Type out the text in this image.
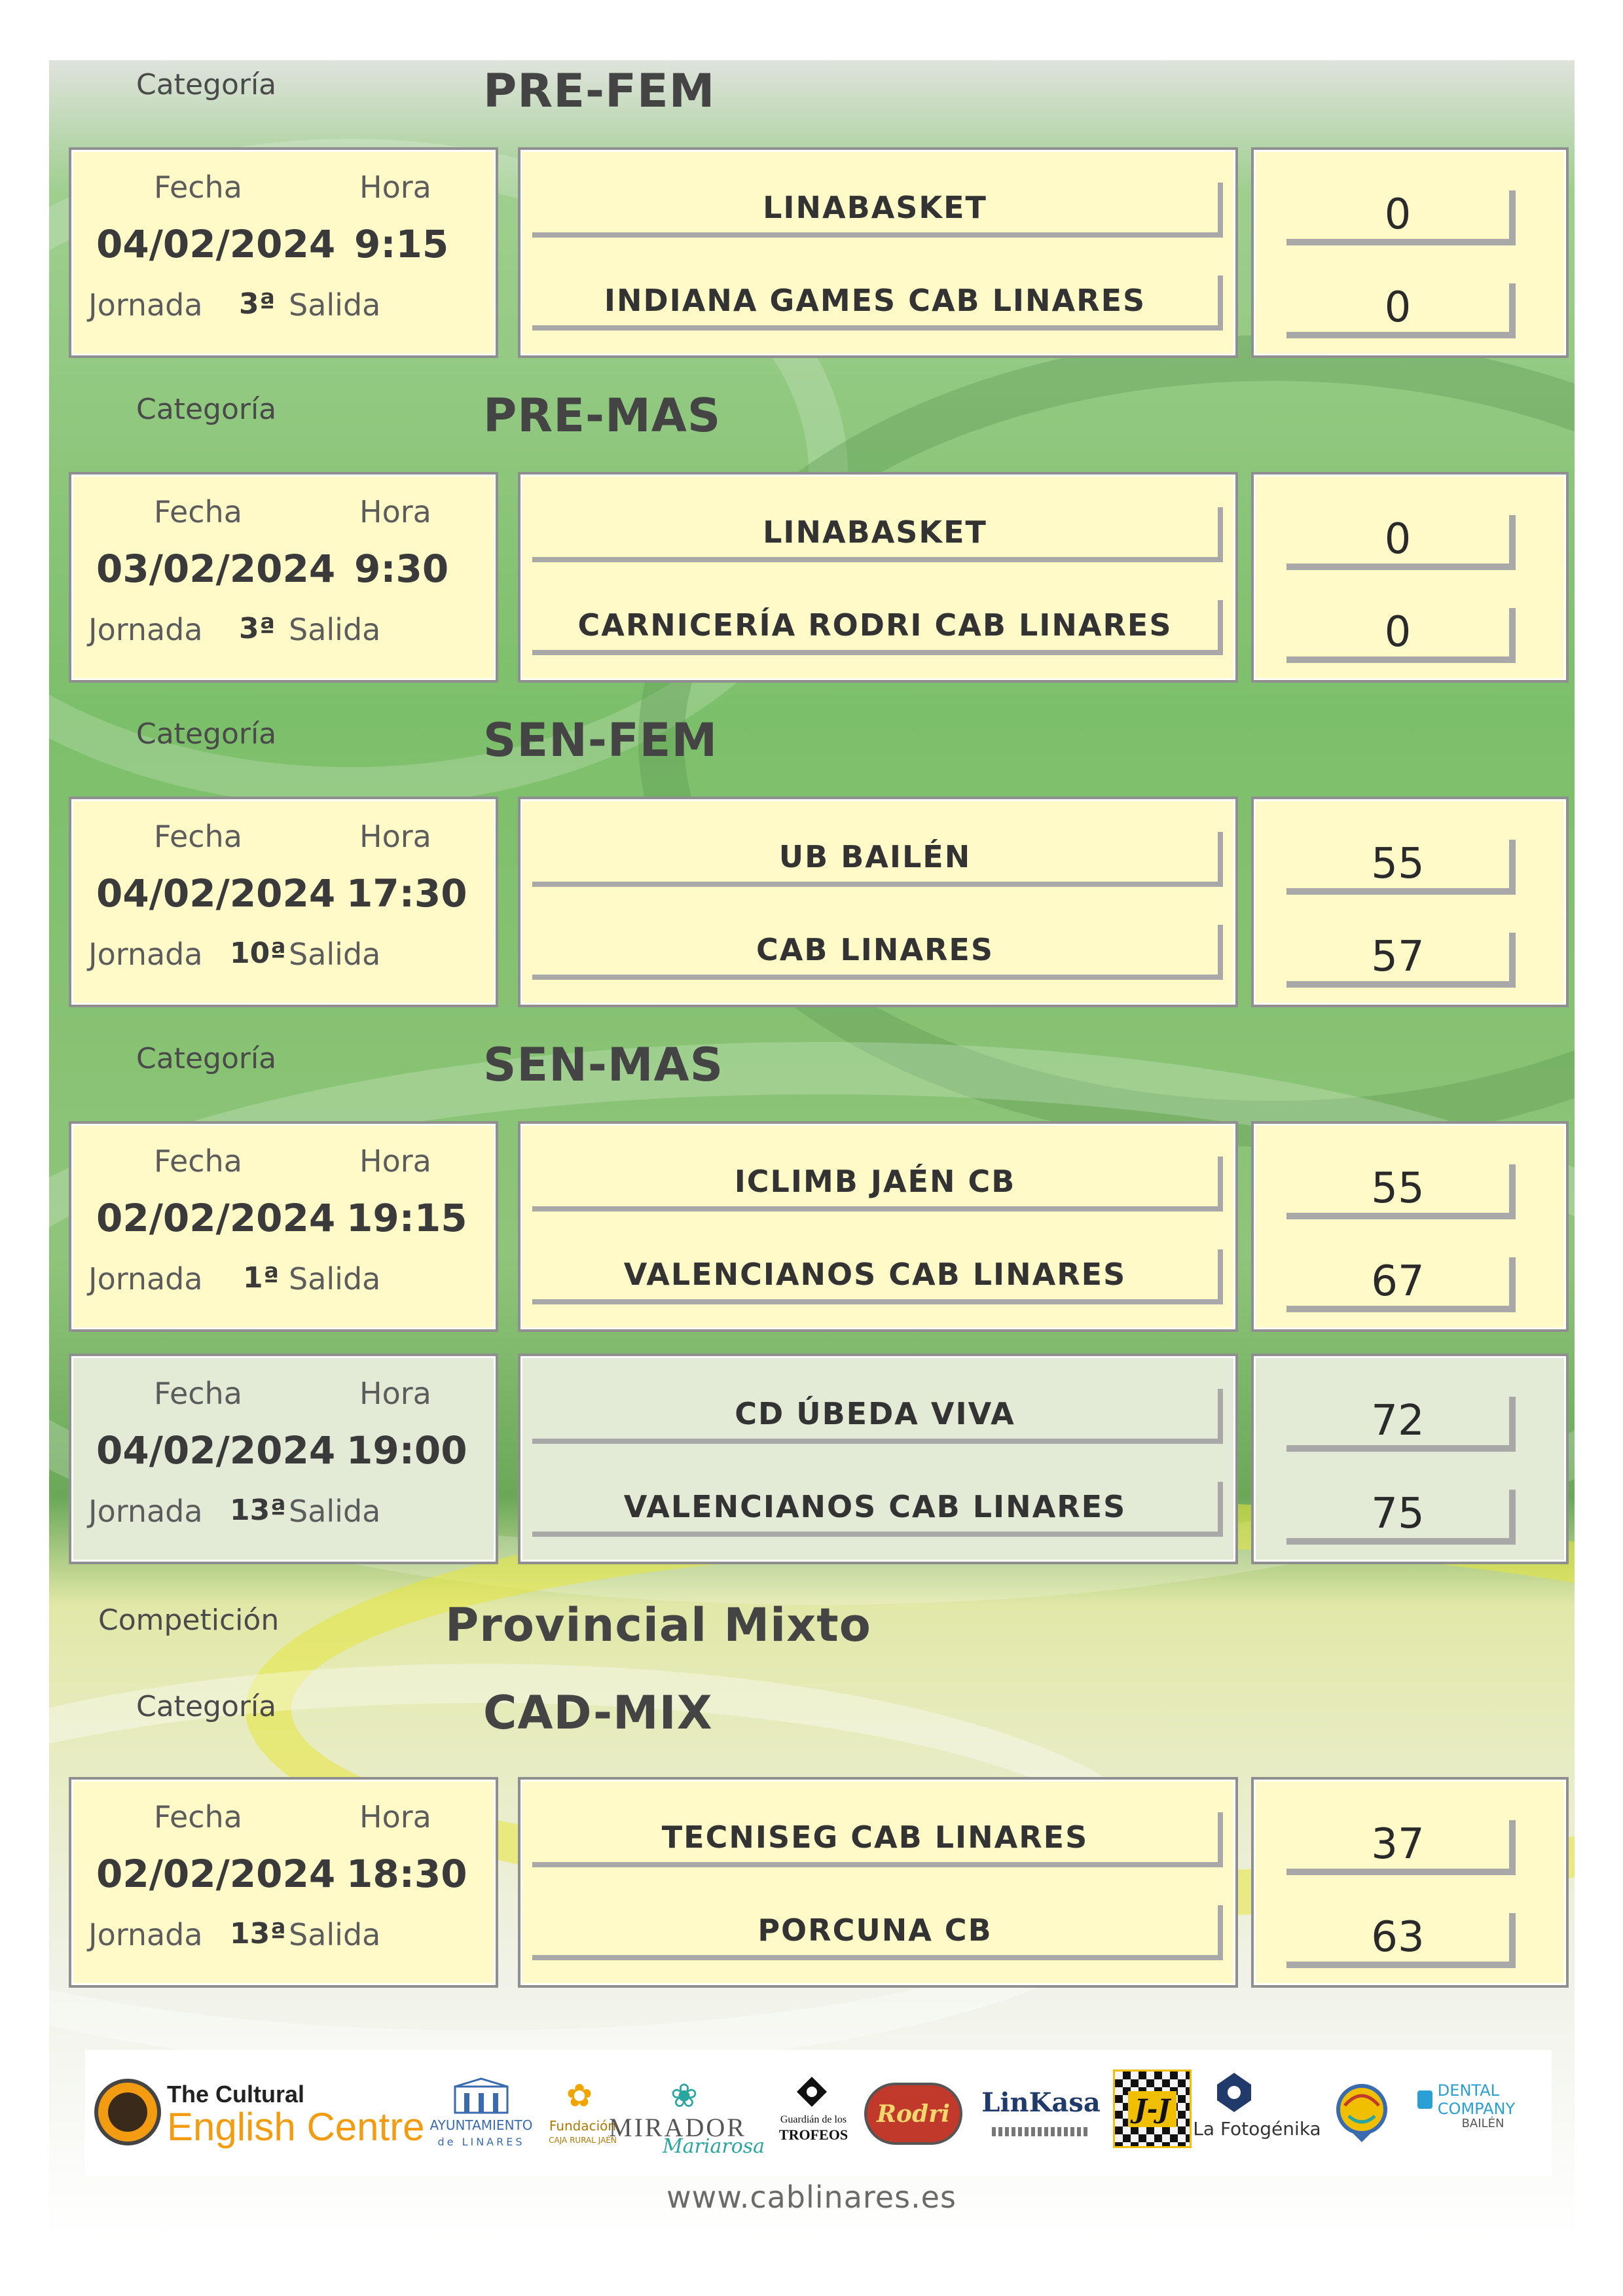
Categoría	PRE-FEM
Fecha	Hora
04/02/2024 9:15
Jornada 3ª Salida
LINABASKET
INDIANA GAMES CAB LINARES
0
0
Categoría	PRE-MAS
Fecha	Hora
03/02/2024 9:30
Jornada 3ª Salida
LINABASKET
CARNICERÍA RODRI CAB LINARES
0
0
Categoría	SEN-FEM
Fecha	Hora
04/02/2024 17:30
Jornada 10ª Salida
UB BAILÉN
CAB LINARES
55
57
Categoría	SEN-MAS
Fecha	Hora
02/02/2024 19:15
Jornada 1ª Salida
ICLIMB JAÉN CB
VALENCIANOS CAB LINARES
55
67
Fecha	Hora
04/02/2024 19:00
Jornada 13ª Salida
CD ÚBEDA VIVA
VALENCIANOS CAB LINARES
72
75
Competición	Provincial Mixto
Categoría	CAD-MIX
Fecha	Hora
02/02/2024 18:30
Jornada 13ª Salida
TECNISEG CAB LINARES
PORCUNA CB
37
63
The Cultural
English Centre AYUNTAMIENTO
de LINARES
✿
Fundación
CAJA RURAL JAÉN
❀
MIRADOR
Mariarosa
Guardián de los
TROFEOS
Rodri	LinKasa J-J
La Fotogénika
DENTAL COMPANY
BAILÉN
www.cablinares.es
